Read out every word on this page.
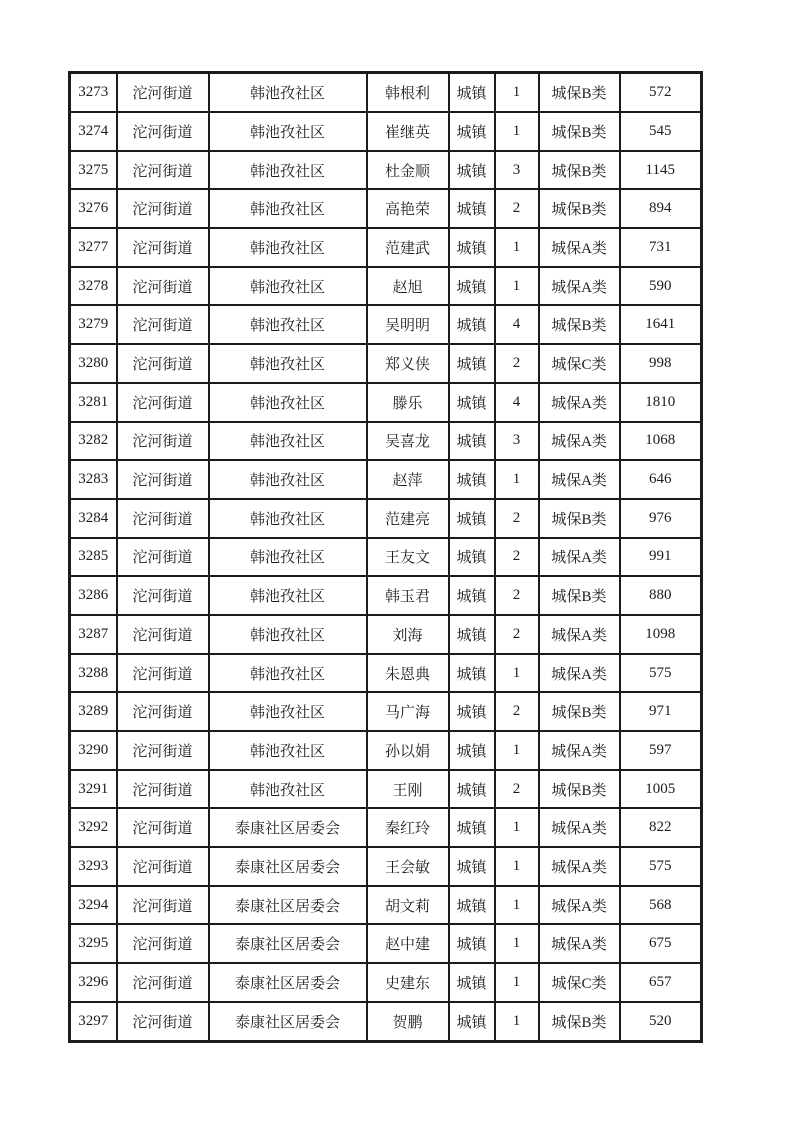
3273	沱河街道	韩池孜社区	韩根利	城镇	1	城保B类	572
3274	沱河街道	韩池孜社区	崔继英	城镇	1	城保B类	545
3275	沱河街道	韩池孜社区	杜金顺	城镇	3	城保B类	1145
3276	沱河街道	韩池孜社区	高艳荣	城镇	2	城保B类	894
3277	沱河街道	韩池孜社区	范建武	城镇	1	城保A类	731
3278	沱河街道	韩池孜社区	赵旭	城镇	1	城保A类	590
3279	沱河街道	韩池孜社区	吴明明	城镇	4	城保B类	1641
3280	沱河街道	韩池孜社区	郑义侠	城镇	2	城保C类	998
3281	沱河街道	韩池孜社区	滕乐	城镇	4	城保A类	1810
3282	沱河街道	韩池孜社区	吴喜龙	城镇	3	城保A类	1068
3283	沱河街道	韩池孜社区	赵萍	城镇	1	城保A类	646
3284	沱河街道	韩池孜社区	范建亮	城镇	2	城保B类	976
3285	沱河街道	韩池孜社区	王友文	城镇	2	城保A类	991
3286	沱河街道	韩池孜社区	韩玉君	城镇	2	城保B类	880
3287	沱河街道	韩池孜社区	刘海	城镇	2	城保A类	1098
3288	沱河街道	韩池孜社区	朱恩典	城镇	1	城保A类	575
3289	沱河街道	韩池孜社区	马广海	城镇	2	城保B类	971
3290	沱河街道	韩池孜社区	孙以娟	城镇	1	城保A类	597
3291	沱河街道	韩池孜社区	王刚	城镇	2	城保B类	1005
3292	沱河街道	泰康社区居委会	秦红玲	城镇	1	城保A类	822
3293	沱河街道	泰康社区居委会	王会敏	城镇	1	城保A类	575
3294	沱河街道	泰康社区居委会	胡文莉	城镇	1	城保A类	568
3295	沱河街道	泰康社区居委会	赵中建	城镇	1	城保A类	675
3296	沱河街道	泰康社区居委会	史建东	城镇	1	城保C类	657
3297	沱河街道	泰康社区居委会	贺鹏	城镇	1	城保B类	520
